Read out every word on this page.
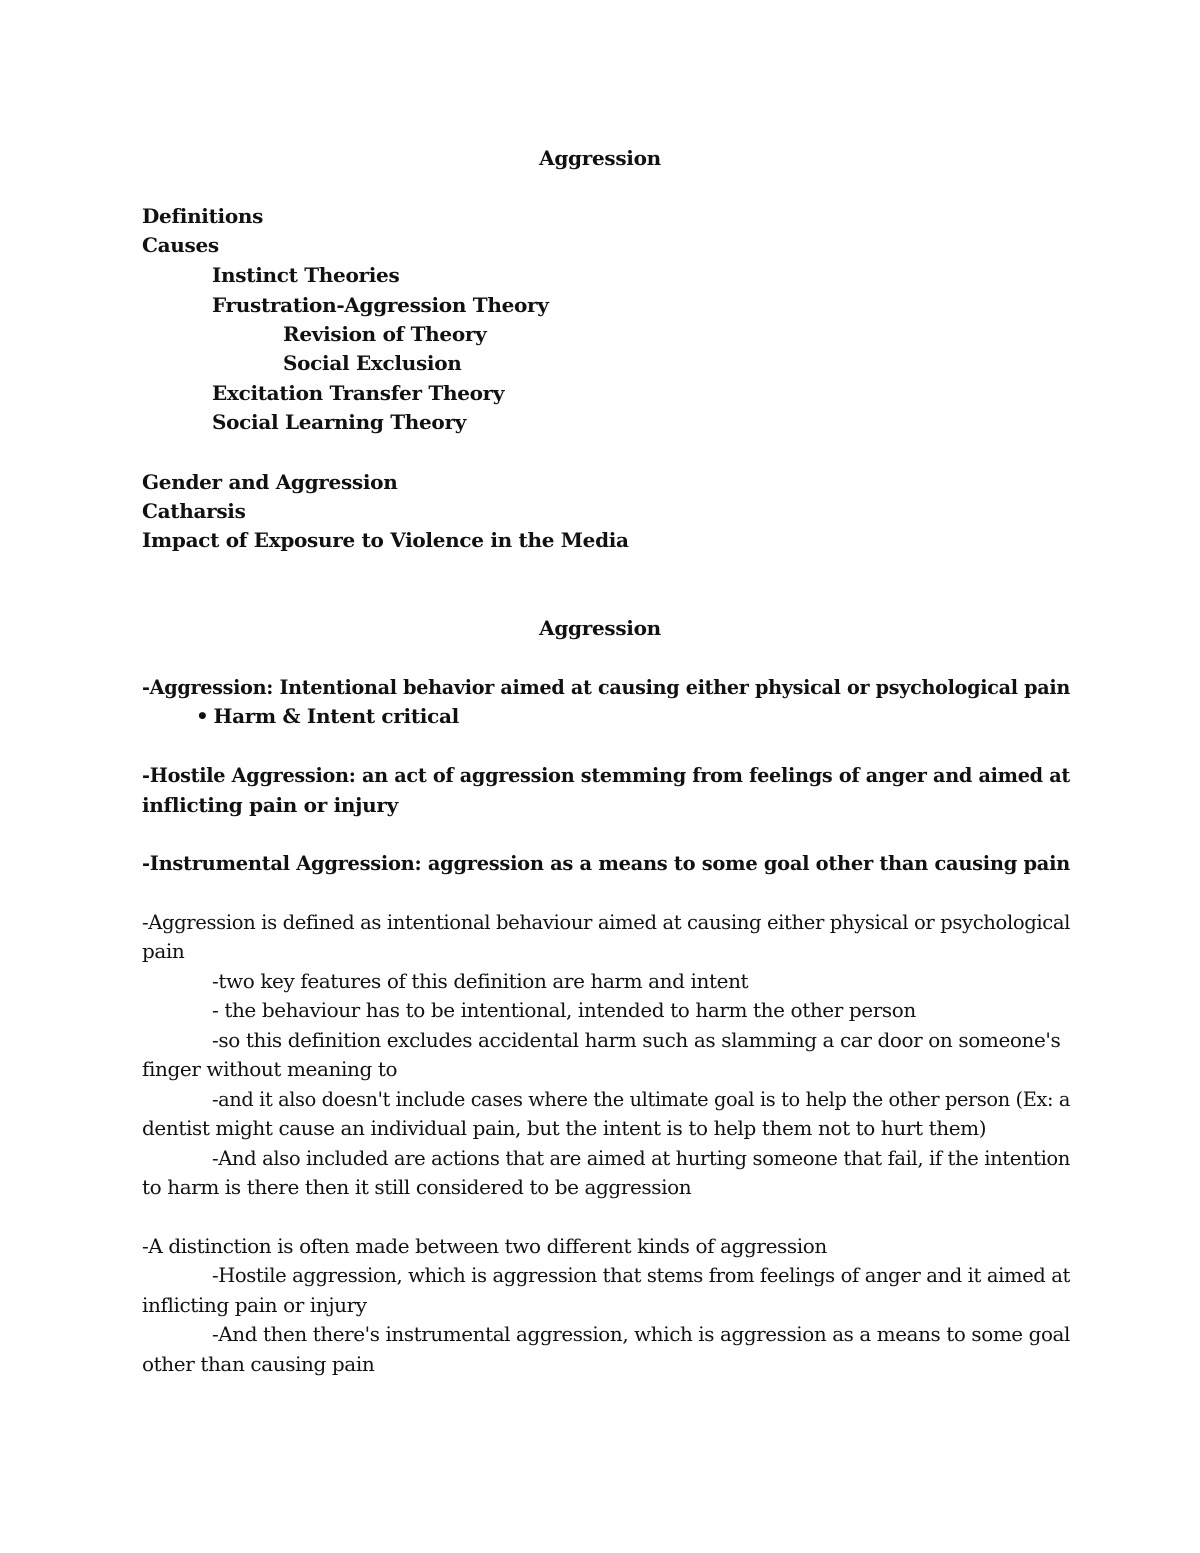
Aggression
Definitions
Causes
Instinct Theories
Frustration-Aggression Theory
Revision of Theory
Social Exclusion
Excitation Transfer Theory
Social Learning Theory
Gender and Aggression
Catharsis
Impact of Exposure to Violence in the Media
Aggression
-Aggression: Intentional behavior aimed at causing either physical or psychological pain
• Harm & Intent critical
-Hostile Aggression: an act of aggression stemming from feelings of anger and aimed at
inflicting pain or injury
-Instrumental Aggression: aggression as a means to some goal other than causing pain
-Aggression is defined as intentional behaviour aimed at causing either physical or psychological
pain
-two key features of this definition are harm and intent
- the behaviour has to be intentional, intended to harm the other person
-so this definition excludes accidental harm such as slamming a car door on someone's
finger without meaning to
-and it also doesn't include cases where the ultimate goal is to help the other person (Ex: a
dentist might cause an individual pain, but the intent is to help them not to hurt them)
-And also included are actions that are aimed at hurting someone that fail, if the intention
to harm is there then it still considered to be aggression
-A distinction is often made between two different kinds of aggression
-Hostile aggression, which is aggression that stems from feelings of anger and it aimed at
inflicting pain or injury
-And then there's instrumental aggression, which is aggression as a means to some goal
other than causing pain
